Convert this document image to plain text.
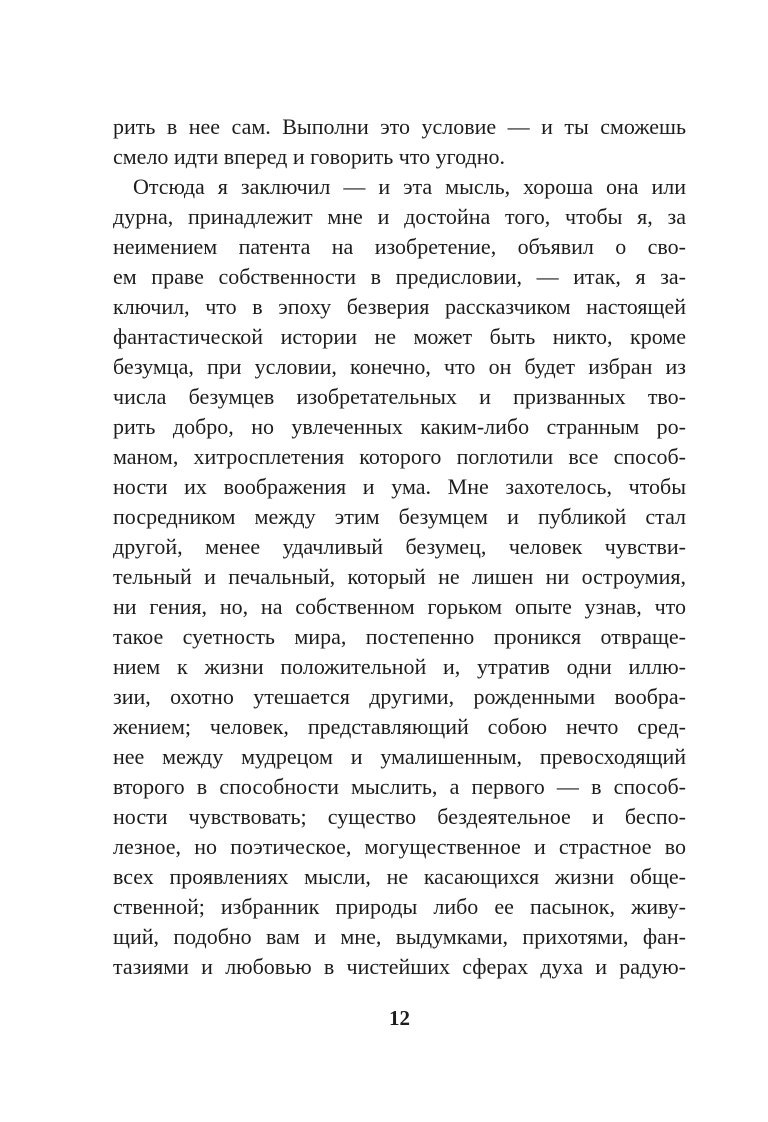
рить в нее сам. Выполни это условие — и ты сможешь
смело идти вперед и говорить что угодно.
Отсюда я заключил — и эта мысль, хороша она или
дурна, принадлежит мне и достойна того, чтобы я, за
неимением патента на изобретение, объявил о сво-
ем праве собственности в предисловии, — итак, я за-
ключил, что в эпоху безверия рассказчиком настоящей
фантастической истории не может быть никто, кроме
безумца, при условии, конечно, что он будет избран из
числа безумцев изобретательных и призванных тво-
рить добро, но увлеченных каким-либо странным ро-
маном, хитросплетения которого поглотили все способ-
ности их воображения и ума. Мне захотелось, чтобы
посредником между этим безумцем и публикой стал
другой, менее удачливый безумец, человек чувстви-
тельный и печальный, который не лишен ни остроумия,
ни гения, но, на собственном горьком опыте узнав, что
такое суетность мира, постепенно проникся отвраще-
нием к жизни положительной и, утратив одни иллю-
зии, охотно утешается другими, рожденными вообра-
жением; человек, представляющий собою нечто сред-
нее между мудрецом и умалишенным, превосходящий
второго в способности мыслить, а первого — в способ-
ности чувствовать; существо бездеятельное и беспо-
лезное, но поэтическое, могущественное и страстное во
всех проявлениях мысли, не касающихся жизни обще-
ственной; избранник природы либо ее пасынок, живу-
щий, подобно вам и мне, выдумками, прихотями, фан-
тазиями и любовью в чистейших сферах духа и радую-
12
